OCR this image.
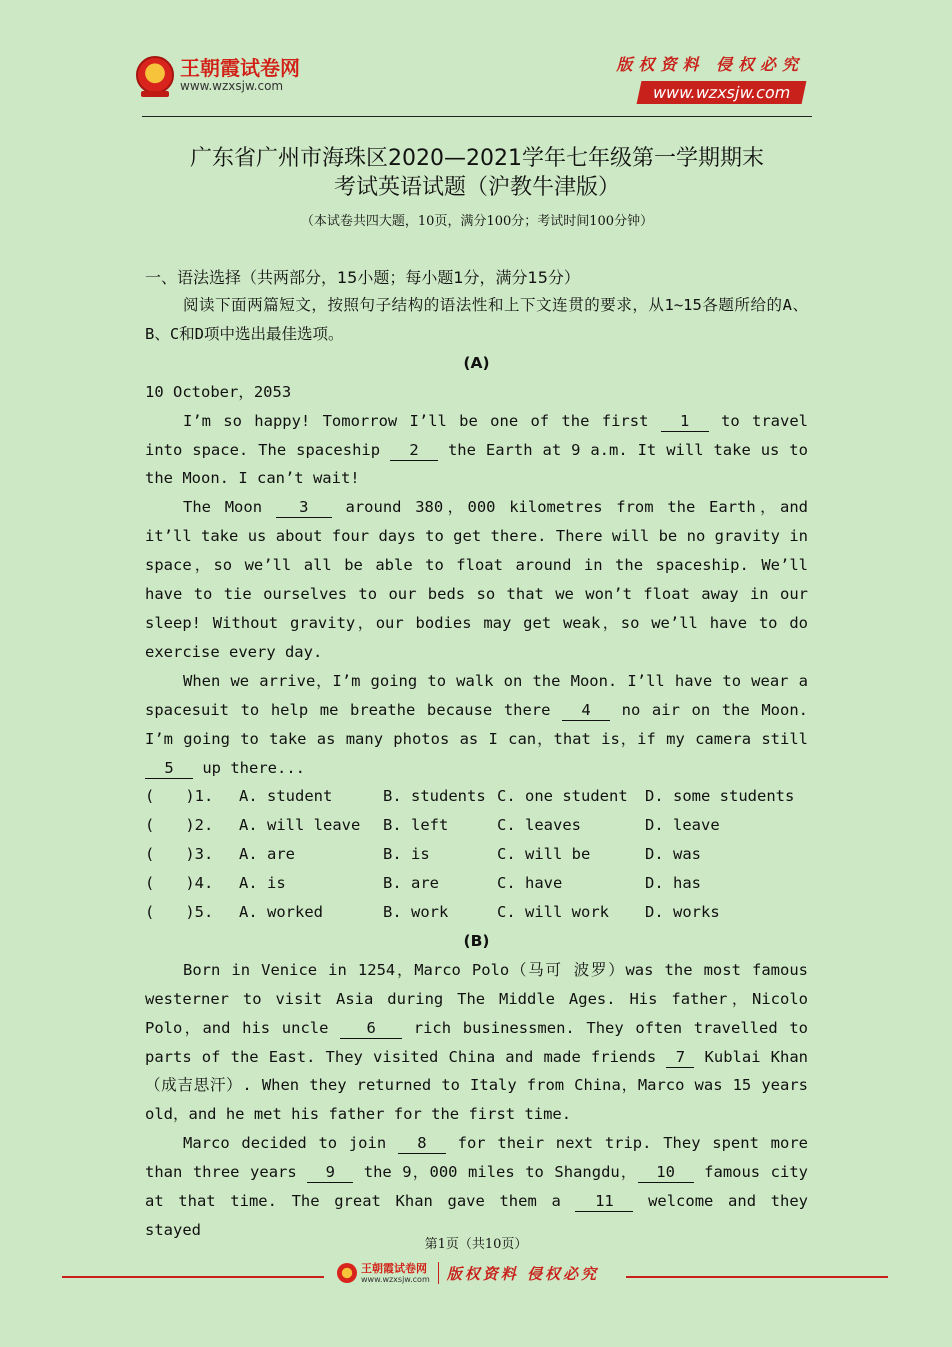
王朝霞试卷网
www.wzxsjw.com
版权资料 侵权必究
www.wzxsjw.com
广东省广州市海珠区2020—2021学年七年级第一学期期末
考试英语试题（沪教牛津版）
（本试卷共四大题，10页，满分100分；考试时间100分钟）
一、语法选择（共两部分，15小题；每小题1分，满分15分）

阅读下面两篇短文，按照句子结构的语法性和上下文连贯的要求，从1~15各题所给的A、B、C和D项中选出最佳选项。

(A)
10 October，2053

I’m so happy! Tomorrow I’ll be one of the first 1 to travel into space. The spaceship 2 the Earth at 9 a.m. It will take us to the Moon. I can’t wait!

The Moon 3 around 380，000 kilometres from the Earth，and it’ll take us about four days to get there. There will be no gravity in space，so we’ll all be able to float around in the spaceship. We’ll have to tie ourselves to our beds so that we won’t float away in our sleep! Without gravity，our bodies may get weak，so we’ll have to do exercise every day.

When we arrive，I’m going to walk on the Moon. I’ll have to wear a spacesuit to help me breathe because there 4 no air on the Moon. I’m going to take as many photos as I can，that is，if my camera still 5 up there...

(　　)1.	A. student	B. students C. one student	D. some students
(　　)2.	A. will leave	B. left	C. leaves	D. leave
(　　)3.	A. are	B. is	C. will be	D. was
(　　)4.	A. is	B. are	C. have	D. has
(　　)5.	A. worked	B. work	C. will work	D. works
(B)

Born in Venice in 1254，Marco Polo（马可 波罗）was the most famous westerner to visit Asia during The Middle Ages. His father，Nicolo Polo，and his uncle 6 rich businessmen. They often travelled to parts of the East. They visited China and made friends 7 Kublai Khan（成吉思汗）. When they returned to Italy from China，Marco was 15 years old，and he met his father for the first time.

Marco decided to join 8 for their next trip. They spent more than three years 9 the 9，000 miles to Shangdu， 10 famous city at that time. The great Khan gave them a 11 welcome and they stayed

第1页（共10页）
王朝霞试卷网
www.wzxsjw.com 版权资料 侵权必究
